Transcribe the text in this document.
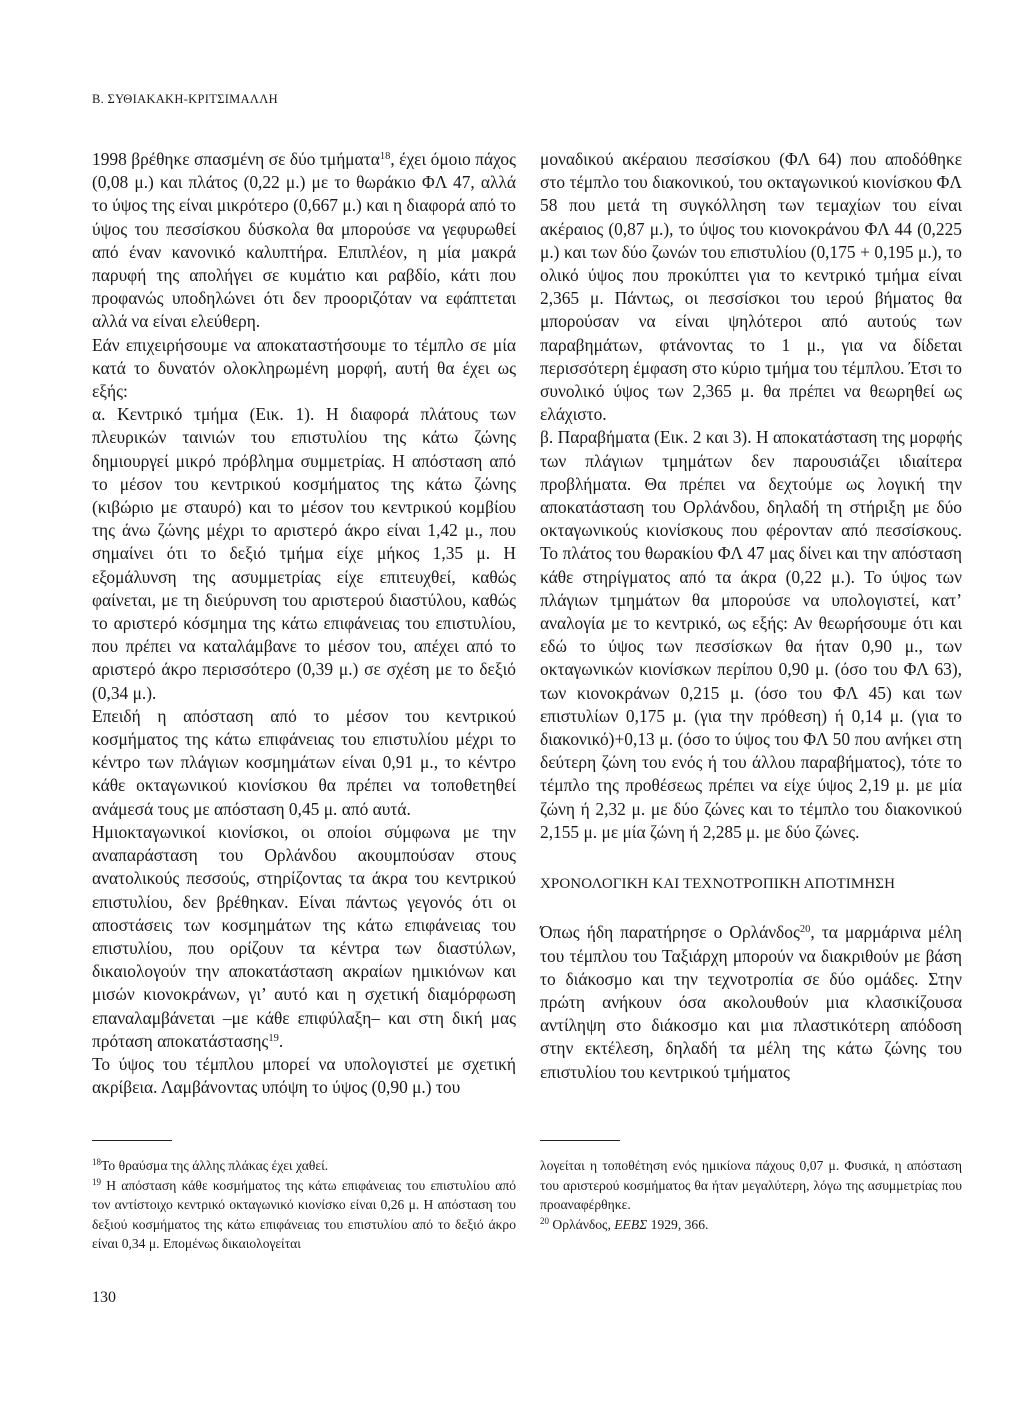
B. ΣΥΘΙΑΚΑΚΗ-ΚΡΙΤΣΙΜΑΛΛΗ

1998 βρέθηκε σπασμένη σε δύο τμήματα$^{18}$, έχει όμοιο πάχος (0,08 μ.) και πλάτος (0,22 μ.) με το θωράκιο ΦΛ 47, αλλά το ύψος της είναι μικρότερο (0,667 μ.) και η διαφορά από το ύψος του πεσσίσκου δύσκολα θα μπορούσε να γεφυρωθεί από έναν κανονικό καλυπτήρα. Επιπλέον, η μία μακρά παρυφή της απολήγει σε κυμάτιο και ραβδίο, κάτι που προφανώς υποδηλώνει ότι δεν προοριζόταν να εφάπτεται αλλά να είναι ελεύθερη.

Εάν επιχειρήσουμε να αποκαταστήσουμε το τέμπλο σε μία κατά το δυνατόν ολοκληρωμένη μορφή, αυτή θα έχει ως εξής:

α. Κεντρικό τμήμα (Εικ. 1). Η διαφορά πλάτους των πλευρικών ταινιών του επιστυλίου της κάτω ζώνης δημιουργεί μικρό πρόβλημα συμμετρίας. Η απόσταση από το μέσον του κεντρικού κοσμήματος της κάτω ζώνης (κιβώριο με σταυρό) και το μέσον του κεντρικού κομβίου της άνω ζώνης μέχρι το αριστερό άκρο είναι 1,42 μ., που σημαίνει ότι το δεξιό τμήμα είχε μήκος 1,35 μ. Η εξομάλυνση της ασυμμετρίας είχε επιτευχθεί, καθώς φαίνεται, με τη διεύρυνση του αριστερού διαστύλου, καθώς το αριστερό κόσμημα της κάτω επιφάνειας του επιστυλίου, που πρέπει να καταλάμβανε το μέσον του, απέχει από το αριστερό άκρο περισσότερο (0,39 μ.) σε σχέση με το δεξιό (0,34 μ.).

Επειδή η απόσταση από το μέσον του κεντρικού κοσμήματος της κάτω επιφάνειας του επιστυλίου μέχρι το κέντρο των πλάγιων κοσμημάτων είναι 0,91 μ., το κέντρο κάθε οκταγωνικού κιονίσκου θα πρέπει να τοποθετηθεί ανάμεσά τους με απόσταση 0,45 μ. από αυτά.

Ημιοκταγωνικοί κιονίσκοι, οι οποίοι σύμφωνα με την αναπαράσταση του Ορλάνδου ακουμπούσαν στους ανατολικούς πεσσούς, στηρίζοντας τα άκρα του κεντρικού επιστυλίου, δεν βρέθηκαν. Είναι πάντως γεγονός ότι οι αποστάσεις των κοσμημάτων της κάτω επιφάνειας του επιστυλίου, που ορίζουν τα κέντρα των διαστύλων, δικαιολογούν την αποκατάσταση ακραίων ημικιόνων και μισών κιονοκράνων, γι’ αυτό και η σχετική διαμόρφωση επαναλαμβάνεται –με κάθε επιφύλαξη– και στη δική μας πρόταση αποκατάστασης$^{19}$.

Το ύψος του τέμπλου μπορεί να υπολογιστεί με σχετική ακρίβεια. Λαμβάνοντας υπόψη το ύψος (0,90 μ.) του

μοναδικού ακέραιου πεσσίσκου (ΦΛ 64) που αποδόθηκε στο τέμπλο του διακονικού, του οκταγωνικού κιονίσκου ΦΛ 58 που μετά τη συγκόλληση των τεμαχίων του είναι ακέραιος (0,87 μ.), το ύψος του κιονοκράνου ΦΛ 44 (0,225 μ.) και των δύο ζωνών του επιστυλίου (0,175 + 0,195 μ.), το ολικό ύψος που προκύπτει για το κεντρικό τμήμα είναι 2,365 μ. Πάντως, οι πεσσίσκοι του ιερού βήματος θα μπορούσαν να είναι ψηλότεροι από αυτούς των παραβημάτων, φτάνοντας το 1 μ., για να δίδεται περισσότερη έμφαση στο κύριο τμήμα του τέμπλου. Έτσι το συνολικό ύψος των 2,365 μ. θα πρέπει να θεωρηθεί ως ελάχιστο.

β. Παραβήματα (Εικ. 2 και 3). Η αποκατάσταση της μορφής των πλάγιων τμημάτων δεν παρουσιάζει ιδιαίτερα προβλήματα. Θα πρέπει να δεχτούμε ως λογική την αποκατάσταση του Ορλάνδου, δηλαδή τη στήριξη με δύο οκταγωνικούς κιονίσκους που φέρονταν από πεσσίσκους. Το πλάτος του θωρακίου ΦΛ 47 μας δίνει και την απόσταση κάθε στηρίγματος από τα άκρα (0,22 μ.). Το ύψος των πλάγιων τμημάτων θα μπορούσε να υπολογιστεί, κατ’ αναλογία με το κεντρικό, ως εξής: Αν θεωρήσουμε ότι και εδώ το ύψος των πεσσίσκων θα ήταν 0,90 μ., των οκταγωνικών κιονίσκων περίπου 0,90 μ. (όσο του ΦΛ 63), των κιονοκράνων 0,215 μ. (όσο του ΦΛ 45) και των επιστυλίων 0,175 μ. (για την πρόθεση) ή 0,14 μ. (για το διακονικό)+0,13 μ. (όσο το ύψος του ΦΛ 50 που ανήκει στη δεύτερη ζώνη του ενός ή του άλλου παραβήματος), τότε το τέμπλο της προθέσεως πρέπει να είχε ύψος 2,19 μ. με μία ζώνη ή 2,32 μ. με δύο ζώνες και το τέμπλο του διακονικού 2,155 μ. με μία ζώνη ή 2,285 μ. με δύο ζώνες.

ΧΡΟΝΟΛΟΓΙΚΗ ΚΑΙ ΤΕΧΝΟΤΡΟΠΙΚΗ ΑΠΟΤΙΜΗΣΗ

Όπως ήδη παρατήρησε ο Ορλάνδος$^{20}$, τα μαρμάρινα μέλη του τέμπλου του Ταξιάρχη μπορούν να διακριθούν με βάση το διάκοσμο και την τεχνοτροπία σε δύο ομάδες. Στην πρώτη ανήκουν όσα ακολουθούν μια κλασικίζουσα αντίληψη στο διάκοσμο και μια πλαστικότερη απόδοση στην εκτέλεση, δηλαδή τα μέλη της κάτω ζώνης του επιστυλίου του κεντρικού τμήματος

$^{18}$Το θραύσμα της άλλης πλάκας έχει χαθεί.

$^{19}$ Η απόσταση κάθε κοσμήματος της κάτω επιφάνειας του επιστυλίου από τον αντίστοιχο κεντρικό οκταγωνικό κιονίσκο είναι 0,26 μ. Η απόσταση του δεξιού κοσμήματος της κάτω επιφάνειας του επιστυλίου από το δεξιό άκρο είναι 0,34 μ. Επομένως δικαιολογείται

λογείται η τοποθέτηση ενός ημικίονα πάχους 0,07 μ. Φυσικά, η απόσταση του αριστερού κοσμήματος θα ήταν μεγαλύτερη, λόγω της ασυμμετρίας που προαναφέρθηκε.

$^{20}$ Ορλάνδος, ΕΕΒΣ 1929, 366.

130
